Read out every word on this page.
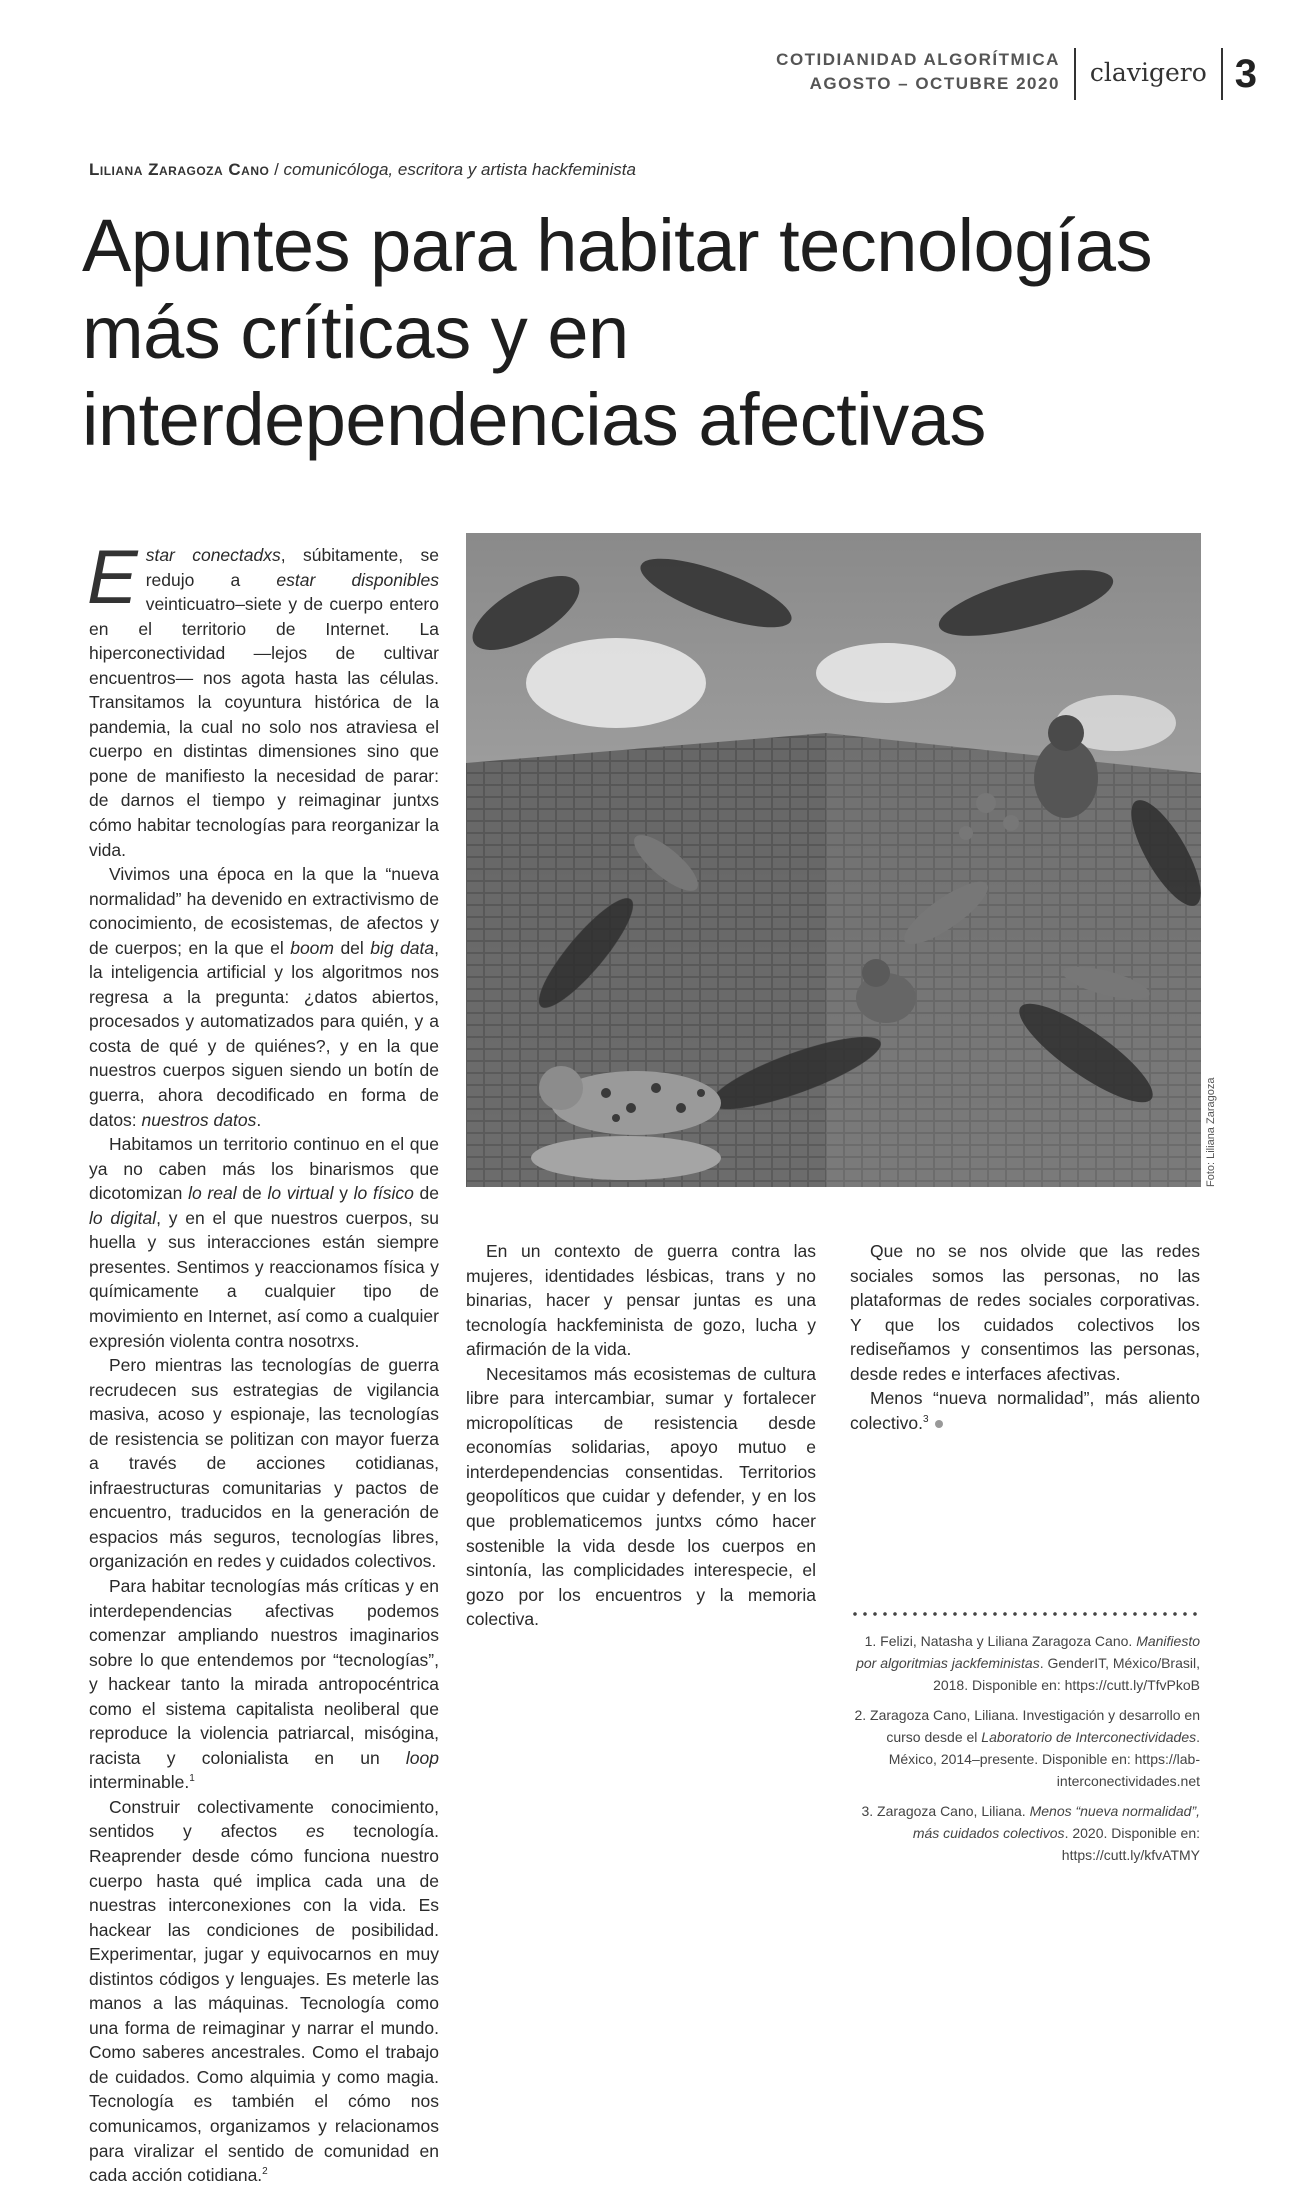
COTIDIANIDAD ALGORÍTMICA
AGOSTO – OCTUBRE 2020	clavigero 3
Liliana Zaragoza Cano / comunicóloga, escritora y artista hackfeminista
Apuntes para habitar tecnologías más críticas y en interdependencias afectivas

Estar conectadxs, súbitamente, se redujo a estar disponibles veinticuatro–siete y de cuerpo entero en el territorio de Internet. La hiperconectividad —lejos de cultivar encuentros— nos agota hasta las células. Transitamos la coyuntura histórica de la pandemia, la cual no solo nos atraviesa el cuerpo en distintas dimensiones sino que pone de manifiesto la necesidad de parar: de darnos el tiempo y reimaginar juntxs cómo habitar tecnologías para reorganizar la vida.

Vivimos una época en la que la “nueva normalidad” ha devenido en extractivismo de conocimiento, de ecosistemas, de afectos y de cuerpos; en la que el boom del big data, la inteligencia artificial y los algoritmos nos regresa a la pregunta: ¿datos abiertos, procesados y automatizados para quién, y a costa de qué y de quiénes?, y en la que nuestros cuerpos siguen siendo un botín de guerra, ahora decodificado en forma de datos: nuestros datos.

Habitamos un territorio continuo en el que ya no caben más los binarismos que dicotomizan lo real de lo virtual y lo físico de lo digital, y en el que nuestros cuerpos, su huella y sus interacciones están siempre presentes. Sentimos y reaccionamos física y químicamente a cualquier tipo de movimiento en Internet, así como a cualquier expresión violenta contra nosotrxs.

Pero mientras las tecnologías de guerra recrudecen sus estrategias de vigilancia masiva, acoso y espionaje, las tecnologías de resistencia se politizan con mayor fuerza a través de acciones cotidianas, infraestructuras comunitarias y pactos de encuentro, traducidos en la generación de espacios más seguros, tecnologías libres, organización en redes y cuidados colectivos.

Para habitar tecnologías más críticas y en interdependencias afectivas podemos comenzar ampliando nuestros imaginarios sobre lo que entendemos por “tecnologías”, y hackear tanto la mirada antropocéntrica como el sistema capitalista neoliberal que reproduce la violencia patriarcal, misógina, racista y colonialista en un loop interminable.$^1$

Construir colectivamente conocimiento, sentidos y afectos es tecnología. Reaprender desde cómo funciona nuestro cuerpo hasta qué implica cada una de nuestras interconexiones con la vida. Es hackear las condiciones de posibilidad. Experimentar, jugar y equivocarnos en muy distintos códigos y lenguajes. Es meterle las manos a las máquinas. Tecnología como una forma de reimaginar y narrar el mundo. Como saberes ancestrales. Como el trabajo de cuidados. Como alquimia y como magia. Tecnología es también el cómo nos comunicamos, organizamos y relacionamos para viralizar el sentido de comunidad en cada acción cotidiana.$^2$

Foto: Liliana Zaragoza

En un contexto de guerra contra las mujeres, identidades lésbicas, trans y no binarias, hacer y pensar juntas es una tecnología hackfeminista de gozo, lucha y afirmación de la vida.

Necesitamos más ecosistemas de cultura libre para intercambiar, sumar y fortalecer micropolíticas de resistencia desde economías solidarias, apoyo mutuo e interdependencias consentidas. Territorios geopolíticos que cuidar y defender, y en los que problematicemos juntxs cómo hacer sostenible la vida desde los cuerpos en sintonía, las complicidades interespecie, el gozo por los encuentros y la memoria colectiva.

Que no se nos olvide que las redes sociales somos las personas, no las plataformas de redes sociales corporativas. Y que los cuidados colectivos los rediseñamos y consentimos las personas, desde redes e interfaces afectivas.

Menos “nueva normalidad”, más aliento colectivo.$^3$

1. Felizi, Natasha y Liliana Zaragoza Cano. Manifiesto por algoritmias jackfeministas. GenderIT, México/Brasil, 2018. Disponible en: https://cutt.ly/TfvPkoB

2. Zaragoza Cano, Liliana. Investigación y desarrollo en curso desde el Laboratorio de Interconectividades. México, 2014–presente. Disponible en: https://lab-interconectividades.net

3. Zaragoza Cano, Liliana. Menos “nueva normalidad”, más cuidados colectivos. 2020. Disponible en: https://cutt.ly/kfvATMY
